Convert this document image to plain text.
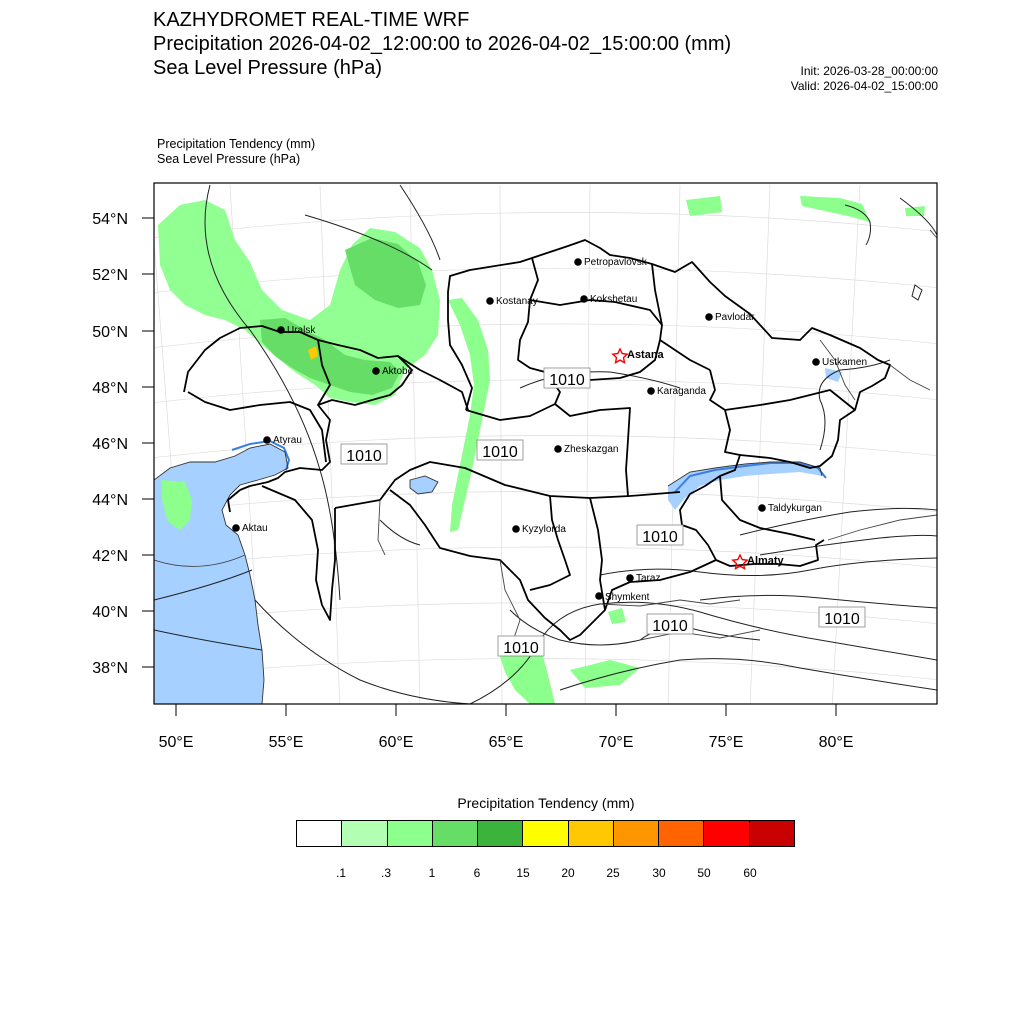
KAZHYDROMET REAL-TIME WRF
Precipitation 2026-04-02_12:00:00 to 2026-04-02_15:00:00 (mm)
Sea Level Pressure (hPa)	Init: 2026-03-28_00:00:00
Valid: 2026-04-02_15:00:00
Precipitation Tendency (mm)
Sea Level Pressure (hPa)
54°N
52°N
50°N
48°N
46°N
44°N
42°N
40°N
38°N
50°E	55°E	60°E	65°E	70°E	75°E	80°E
1010	1010
1010
1010
1010	1010
1010
Petropavlovsk
Kostanay	Kokshetau
Pavlodar
Uralsk
Astana
Aktobe
Ustkamen
Karaganda
Atyrau
Zheskazgan
Taldykurgan
Aktau	Kyzylorda
Almaty
Taraz
Shymkent
Precipitation Tendency (mm)
.1	.3	1	6	15	20	25	30	50	60
